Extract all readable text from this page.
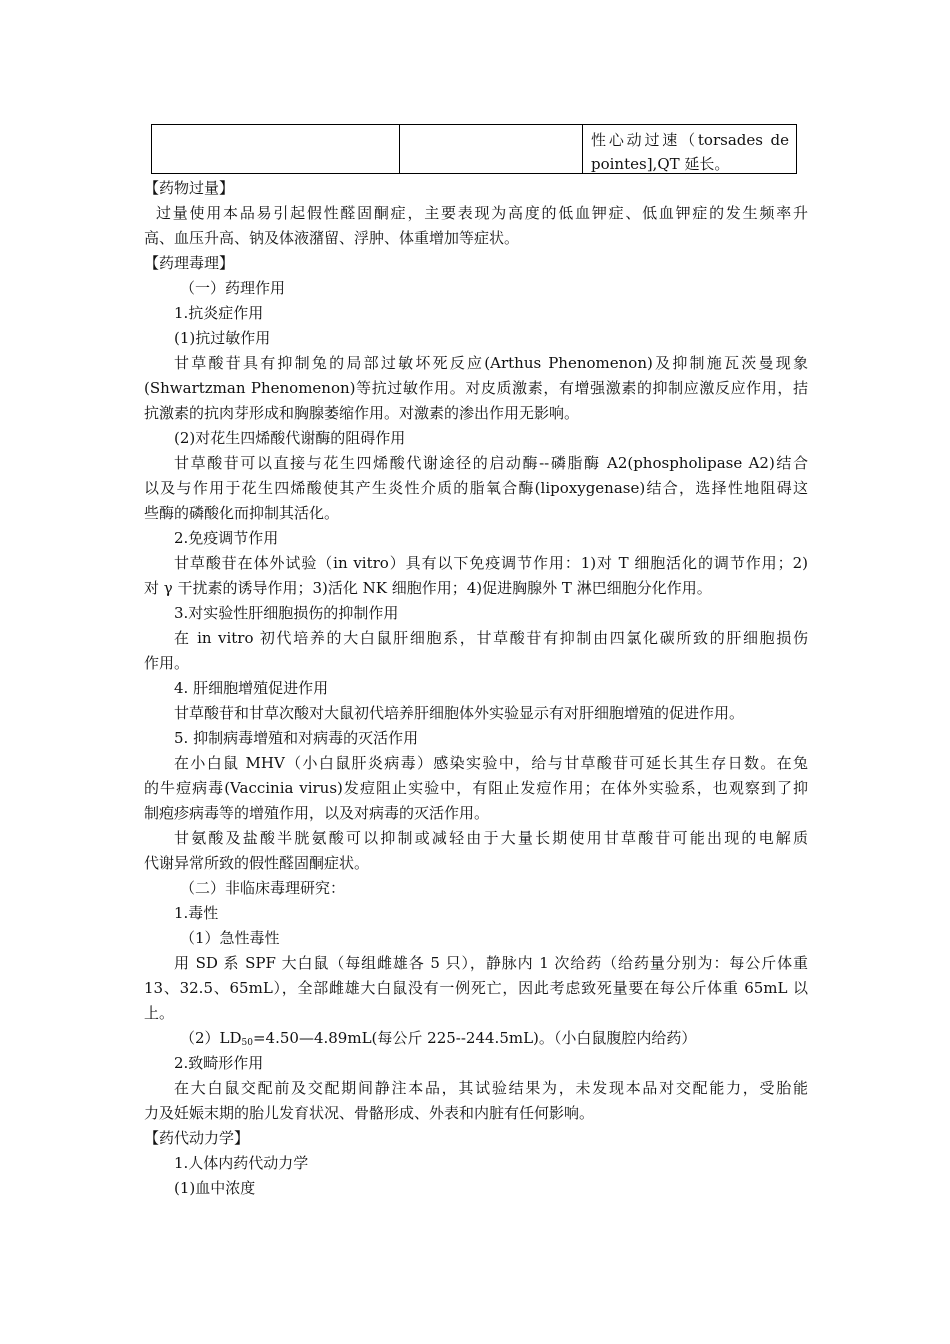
性心动过速（torsades de
pointes],QT 延长。
【药物过量】
过量使用本品易引起假性醛固酮症，主要表现为高度的低血钾症、低血钾症的发生频率升
高、血压升高、钠及体液潴留、浮肿、体重增加等症状。
【药理毒理】
（一）药理作用
1.抗炎症作用
(1)抗过敏作用
甘草酸苷具有抑制兔的局部过敏坏死反应(Arthus Phenomenon)及抑制施瓦茨曼现象
(Shwartzman Phenomenon)等抗过敏作用。对皮质激素，有增强激素的抑制应激反应作用，拮
抗激素的抗肉芽形成和胸腺萎缩作用。对激素的渗出作用无影响。
(2)对花生四烯酸代谢酶的阻碍作用
甘草酸苷可以直接与花生四烯酸代谢途径的启动酶--磷脂酶 A2(phospholipase A2)结合
以及与作用于花生四烯酸使其产生炎性介质的脂氧合酶(lipoxygenase)结合，选择性地阻碍这
些酶的磷酸化而抑制其活化。
2.免疫调节作用
甘草酸苷在体外试验（in vitro）具有以下免疫调节作用：1)对 T 细胞活化的调节作用；2)
对 γ 干扰素的诱导作用；3)活化 NK 细胞作用；4)促进胸腺外 T 淋巴细胞分化作用。
3.对实验性肝细胞损伤的抑制作用
在 in vitro 初代培养的大白鼠肝细胞系，甘草酸苷有抑制由四氯化碳所致的肝细胞损伤
作用。
4. 肝细胞增殖促进作用
甘草酸苷和甘草次酸对大鼠初代培养肝细胞体外实验显示有对肝细胞增殖的促进作用。
5. 抑制病毒增殖和对病毒的灭活作用
在小白鼠 MHV（小白鼠肝炎病毒）感染实验中，给与甘草酸苷可延长其生存日数。在兔
的牛痘病毒(Vaccinia virus)发痘阻止实验中，有阻止发痘作用；在体外实验系，也观察到了抑
制疱疹病毒等的增殖作用，以及对病毒的灭活作用。
甘氨酸及盐酸半胱氨酸可以抑制或减轻由于大量长期使用甘草酸苷可能出现的电解质
代谢异常所致的假性醛固酮症状。
（二）非临床毒理研究：
1.毒性
（1）急性毒性
用 SD 系 SPF 大白鼠（每组雌雄各 5 只），静脉内 1 次给药（给药量分别为：每公斤体重
13、32.5、65mL），全部雌雄大白鼠没有一例死亡，因此考虑致死量要在每公斤体重 65mL 以
上。
$(2)LD_{50}=4.50—4.89mL$(每公斤 225--244.5mL)。（小白鼠腹腔内给药）
2.致畸形作用
在大白鼠交配前及交配期间静注本品，其试验结果为，未发现本品对交配能力，受胎能
力及妊娠末期的胎儿发育状况、骨骼形成、外表和内脏有任何影响。
【药代动力学】
1.人体内药代动力学
(1)血中浓度
